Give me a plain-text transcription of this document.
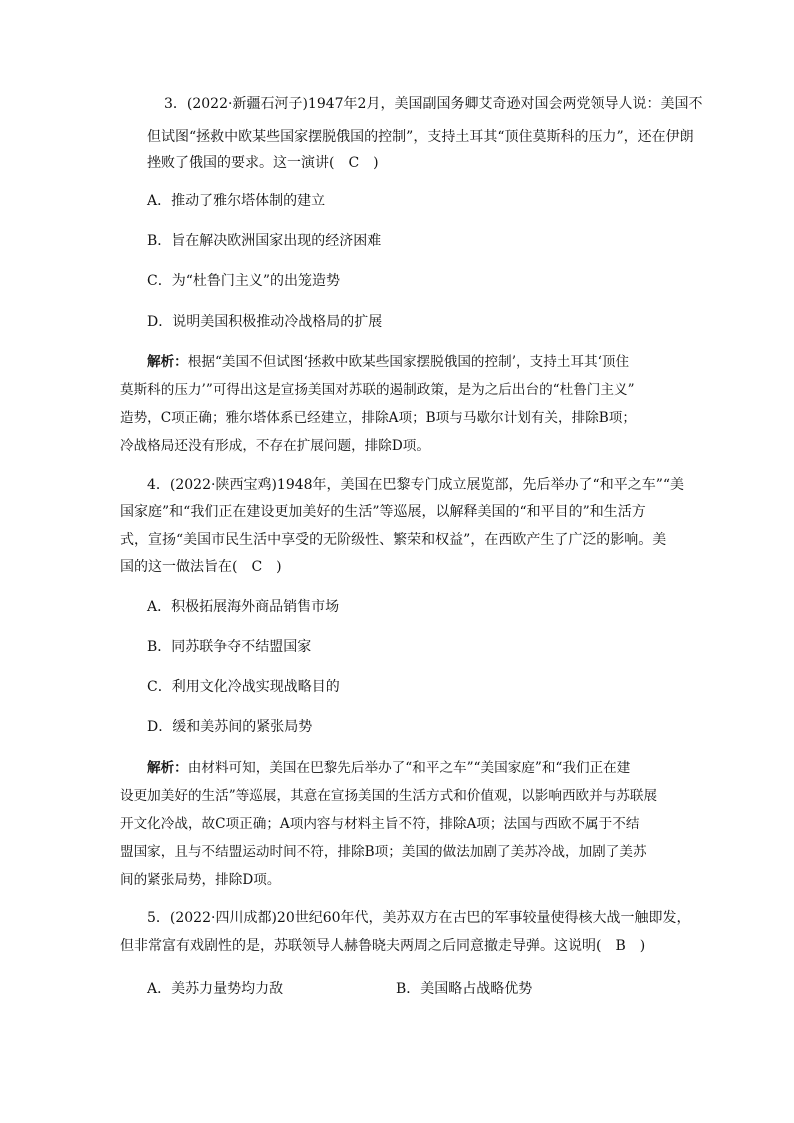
3．(2022·新疆石河子)1947年2月，美国副国务卿艾奇逊对国会两党领导人说：美国不
但试图“拯救中欧某些国家摆脱俄国的控制”，支持土耳其“顶住莫斯科的压力”，还在伊朗
挫败了俄国的要求。这一演讲(　C　)
A．推动了雅尔塔体制的建立
B．旨在解决欧洲国家出现的经济困难
C．为“杜鲁门主义”的出笼造势
D．说明美国积极推动冷战格局的扩展
解析：根据“美国不但试图‘拯救中欧某些国家摆脱俄国的控制’，支持土耳其‘顶住
莫斯科的压力’”可得出这是宣扬美国对苏联的遏制政策，是为之后出台的“杜鲁门主义”
造势，C项正确；雅尔塔体系已经建立，排除A项；B项与马歇尔计划有关，排除B项；
冷战格局还没有形成，不存在扩展问题，排除D项。
4．(2022·陕西宝鸡)1948年，美国在巴黎专门成立展览部，先后举办了“和平之车”“美
国家庭”和“我们正在建设更加美好的生活”等巡展，以解释美国的“和平目的”和生活方
式，宣扬“美国市民生活中享受的无阶级性、繁荣和权益”，在西欧产生了广泛的影响。美
国的这一做法旨在(　C　)
A．积极拓展海外商品销售市场
B．同苏联争夺不结盟国家
C．利用文化冷战实现战略目的
D．缓和美苏间的紧张局势
解析：由材料可知，美国在巴黎先后举办了“和平之车”“美国家庭”和“我们正在建
设更加美好的生活”等巡展，其意在宣扬美国的生活方式和价值观，以影响西欧并与苏联展
开文化冷战，故C项正确；A项内容与材料主旨不符，排除A项；法国与西欧不属于不结
盟国家，且与不结盟运动时间不符，排除B项；美国的做法加剧了美苏冷战，加剧了美苏
间的紧张局势，排除D项。
5．(2022·四川成都)20世纪60年代，美苏双方在古巴的军事较量使得核大战一触即发，
但非常富有戏剧性的是，苏联领导人赫鲁晓夫两周之后同意撤走导弹。这说明(　B　)
A．美苏力量势均力敌	B．美国略占战略优势
